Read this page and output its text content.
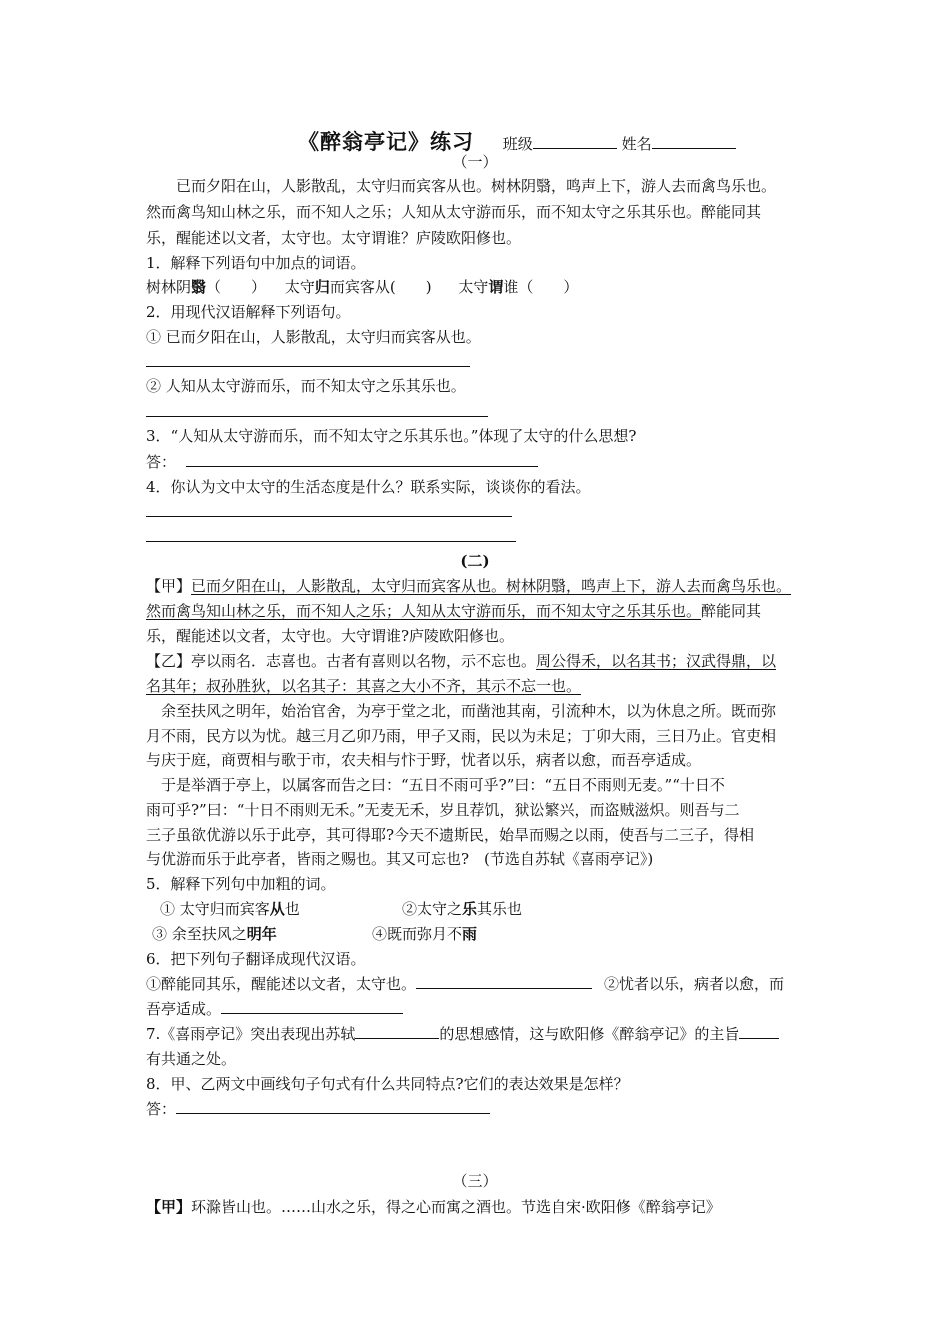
《醉翁亭记》练习 班级	姓名
（一）
　　已而夕阳在山，人影散乱，太守归而宾客从也。树林阴翳，鸣声上下，游人去而禽鸟乐也。
然而禽鸟知山林之乐，而不知人之乐；人知从太守游而乐，而不知太守之乐其乐也。醉能同其
乐，醒能述以文者，太守也。太守谓谁？庐陵欧阳修也。
1．解释下列语句中加点的词语。
树林阴翳（　　） 太守归而宾客从(　　) 太守谓谁（　　）
2．用现代汉语解释下列语句。
① 已而夕阳在山，人影散乱，太守归而宾客从也。
② 人知从太守游而乐，而不知太守之乐其乐也。
3．“人知从太守游而乐，而不知太守之乐其乐也。”体现了太守的什么思想?
答：
4．你认为文中太守的生活态度是什么？联系实际，谈谈你的看法。
(二)
【甲】已而夕阳在山，人影散乱，太守归而宾客从也。树林阴翳，鸣声上下，游人去而禽鸟乐也。
然而禽鸟知山林之乐，而不知人之乐；人知从太守游而乐，而不知太守之乐其乐也。醉能同其
乐，醒能述以文者，太守也。大守谓谁?庐陵欧阳修也。
【乙】亭以雨名．志喜也。古者有喜则以名物，示不忘也。周公得禾，以名其书；汉武得鼎，以
名其年；叔孙胜狄，以名其子：其喜之大小不齐，其示不忘一也。
　余至扶风之明年，始治官舍，为亭于堂之北，而凿池其南，引流种木，以为休息之所。既而弥
月不雨，民方以为忧。越三月乙卯乃雨，甲子又雨，民以为未足；丁卯大雨，三日乃止。官吏相
与庆于庭，商贾相与歌于市，农夫相与忭于野，忧者以乐，病者以愈，而吾亭适成。
　于是举酒于亭上，以属客而告之曰：“五日不雨可乎?”曰：“五日不雨则无麦。”“十日不
雨可乎?”曰：“十日不雨则无禾。”无麦无禾，岁且荐饥，狱讼繁兴，而盗贼滋炽。则吾与二
三子虽欲优游以乐于此亭，其可得耶?今天不遗斯民，始旱而赐之以雨，使吾与二三子，得相
与优游而乐于此亭者，皆雨之赐也。其又可忘也?　(节选自苏轼《喜雨亭记》)
5．解释下列句中加粗的词。
① 太守归而宾客从也	②太守之乐其乐也
③ 余至扶风之明年	④既而弥月不雨
6．把下列句子翻译成现代汉语。
①醉能同其乐，醒能述以文者，太守也。	②忧者以乐，病者以愈，而
吾亭适成。
7.《喜雨亭记》突出表现出苏轼	的思想感情，这与欧阳修《醉翁亭记》的主旨
有共通之处。
8．甲、乙两文中画线句子句式有什么共同特点?它们的表达效果是怎样？
答：
（三）
【甲】环滁皆山也。……山水之乐，得之心而寓之酒也。节选自宋·欧阳修《醉翁亭记》
